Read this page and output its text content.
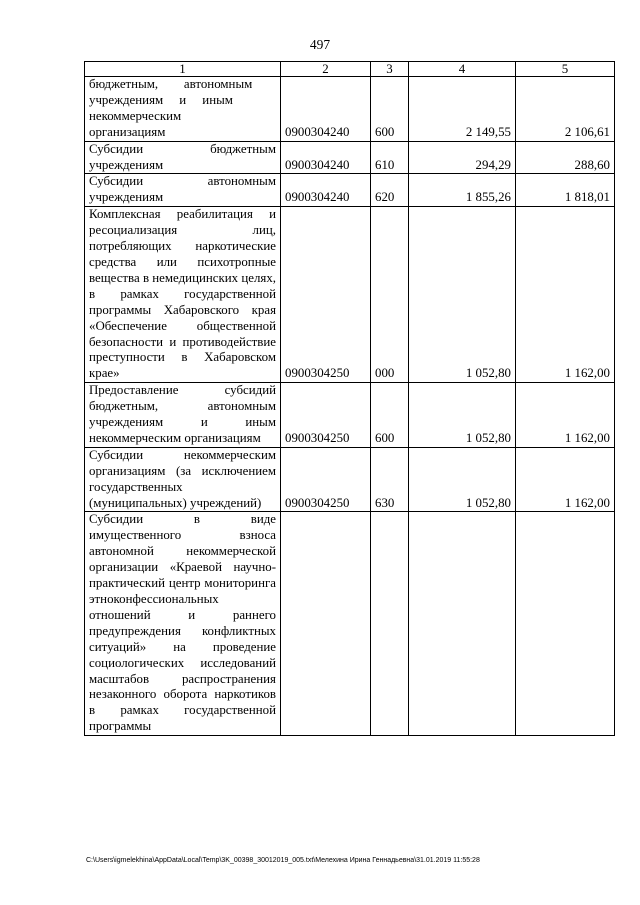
497
1	2	3	4	5
бюджетным,        автономным
учреждениям     и     иным
некоммерческим
организациям	0900304240	600	2 149,55	2 106,61
Субсидии бюджетным учреждениям	0900304240	610	294,29	288,60
Субсидии автономным учреждениям	0900304240	620	1 855,26	1 818,01
Комплексная реабилитация и ресоциализация лиц, потребляющих наркотические средства или психотропные вещества в немедицинских целях, в рамках государственной программы Хабаровского края «Обеспечение общественной безопасности и противодействие преступности в Хабаровском крае»	0900304250	000	1 052,80	1 162,00
Предоставление субсидий бюджетным, автономным учреждениям и иным некоммерческим организациям	0900304250	600	1 052,80	1 162,00
Субсидии некоммерческим организациям (за исключением государственных (муниципальных) учреждений)	0900304250	630	1 052,80	1 162,00
Субсидии в виде имущественного взноса автономной некоммерческой организации «Краевой научно-практический центр мониторинга этноконфессиональных отношений и раннего предупреждения конфликтных ситуаций» на проведение социологических исследований масштабов распространения незаконного оборота наркотиков в рамках государственной программы				
C:\Users\igmelekhina\AppData\Local\Temp\3K_00398_30012019_005.txt\Мелехина Ирина Геннадьевна\31.01.2019 11:55:28
